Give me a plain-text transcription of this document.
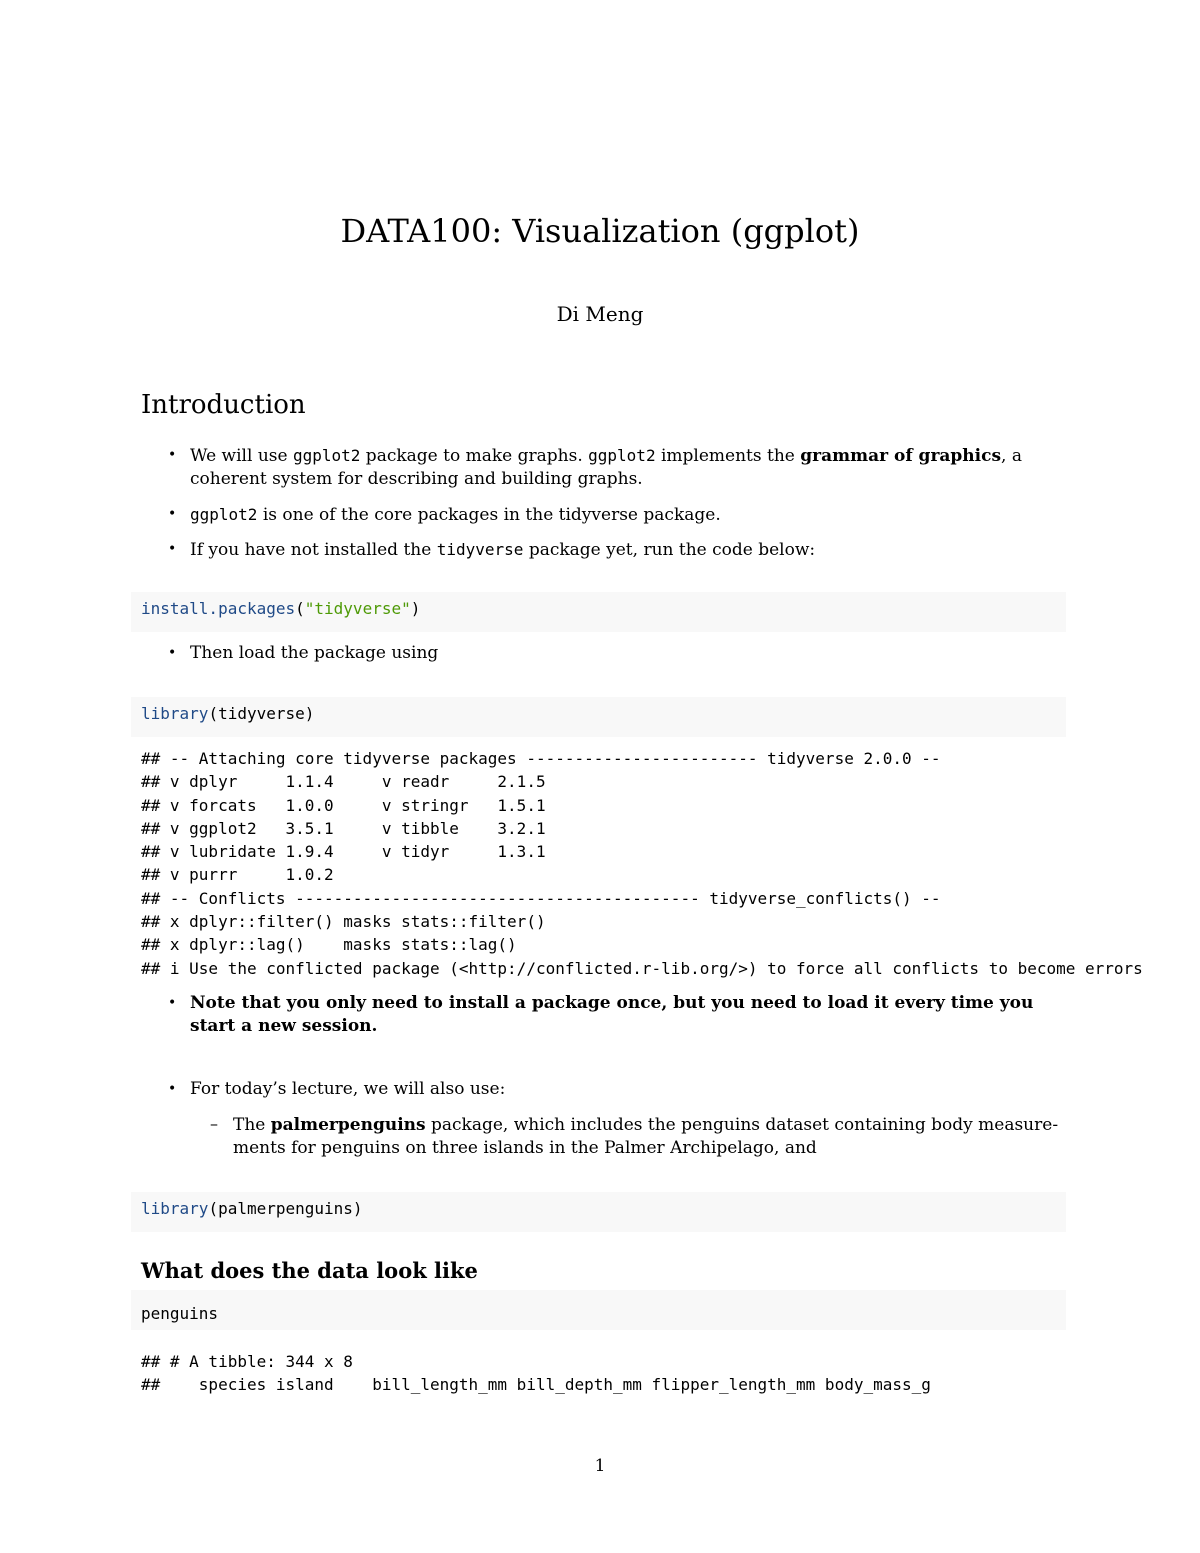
DATA100: Visualization (ggplot)
Di Meng
Introduction
• We will use ggplot2 package to make graphs. ggplot2 implements the grammar of graphics, a
coherent system for describing and building graphs.
• ggplot2 is one of the core packages in the tidyverse package.
• If you have not installed the tidyverse package yet, run the code below:
install.packages("tidyverse")
• Then load the package using
library(tidyverse)
## -- Attaching core tidyverse packages ------------------------ tidyverse 2.0.0 --
## v dplyr     1.1.4     v readr     2.1.5
## v forcats   1.0.0     v stringr   1.5.1
## v ggplot2   3.5.1     v tibble    3.2.1
## v lubridate 1.9.4     v tidyr     1.3.1
## v purrr     1.0.2
## -- Conflicts ------------------------------------------ tidyverse_conflicts() --
## x dplyr::filter() masks stats::filter()
## x dplyr::lag()    masks stats::lag()
## i Use the conflicted package (<http://conflicted.r-lib.org/>) to force all conflicts to become errors
• Note that you only need to install a package once, but you need to load it every time you
start a new session.
• For today’s lecture, we will also use:
– The palmerpenguins package, which includes the penguins dataset containing body measure-
ments for penguins on three islands in the Palmer Archipelago, and
library(palmerpenguins)
What does the data look like
penguins
## # A tibble: 344 x 8
##    species island    bill_length_mm bill_depth_mm flipper_length_mm body_mass_g
1
